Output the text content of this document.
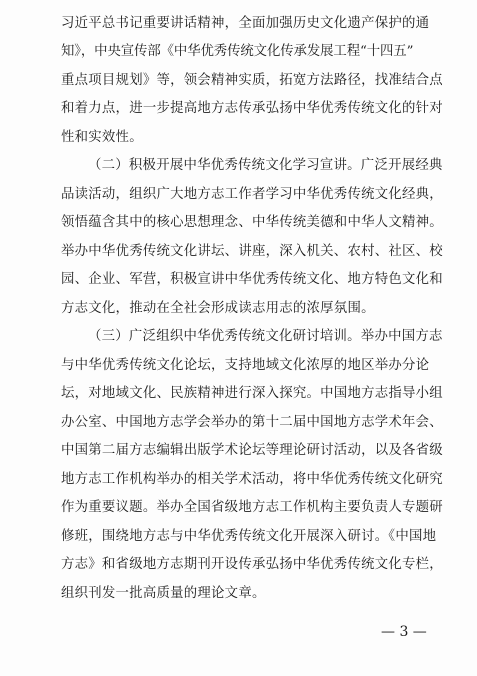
习近平总书记重要讲话精神，全面加强历史文化遗产保护的通
知》，中央宣传部《中华优秀传统文化传承发展工程“十四五”
重点项目规划》等，领会精神实质，拓宽方法路径，找准结合点
和着力点，进一步提高地方志传承弘扬中华优秀传统文化的针对
性和实效性。
（二）积极开展中华优秀传统文化学习宣讲。广泛开展经典
品读活动，组织广大地方志工作者学习中华优秀传统文化经典，
领悟蕴含其中的核心思想理念、中华传统美德和中华人文精神。
举办中华优秀传统文化讲坛、讲座，深入机关、农村、社区、校
园、企业、军营，积极宣讲中华优秀传统文化、地方特色文化和
方志文化，推动在全社会形成读志用志的浓厚氛围。
（三）广泛组织中华优秀传统文化研讨培训。举办中国方志
与中华优秀传统文化论坛，支持地域文化浓厚的地区举办分论
坛，对地域文化、民族精神进行深入探究。中国地方志指导小组
办公室、中国地方志学会举办的第十二届中国地方志学术年会、
中国第二届方志编辑出版学术论坛等理论研讨活动，以及各省级
地方志工作机构举办的相关学术活动，将中华优秀传统文化研究
作为重要议题。举办全国省级地方志工作机构主要负责人专题研
修班，围绕地方志与中华优秀传统文化开展深入研讨。《中国地
方志》和省级地方志期刊开设传承弘扬中华优秀传统文化专栏，
组织刊发一批高质量的理论文章。
— 3 —
